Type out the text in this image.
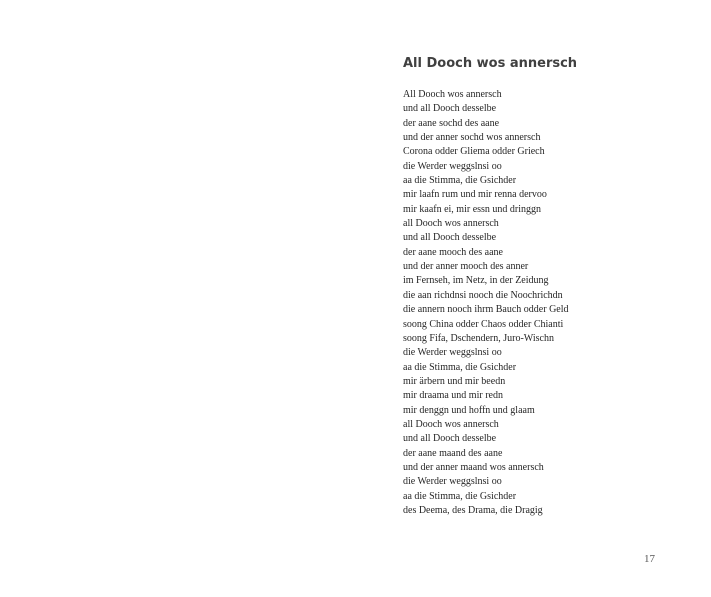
All Dooch wos annersch
All Dooch wos annersch
und all Dooch desselbe
der aane sochd des aane
und der anner sochd wos annersch
Corona odder Gliema odder Griech
die Werder weggslnsi oo
aa die Stimma, die Gsichder
mir laafn rum und mir renna dervoo
mir kaafn ei, mir essn und dringgn
all Dooch wos annersch
und all Dooch desselbe
der aane mooch des aane
und der anner mooch des anner
im Fernseh, im Netz, in der Zeidung
die aan richdnsi nooch die Noochrichdn
die annern nooch ihrm Bauch odder Geld
soong China odder Chaos odder Chianti
soong Fifa, Dschendern, Juro-Wischn
die Werder weggslnsi oo
aa die Stimma, die Gsichder
mir ärbern und mir beedn
mir draama und mir redn
mir denggn und hoffn und glaam
all Dooch wos annersch
und all Dooch desselbe
der aane maand des aane
und der anner maand wos annersch
die Werder weggslnsi oo
aa die Stimma, die Gsichder
des Deema, des Drama, die Dragig
17
